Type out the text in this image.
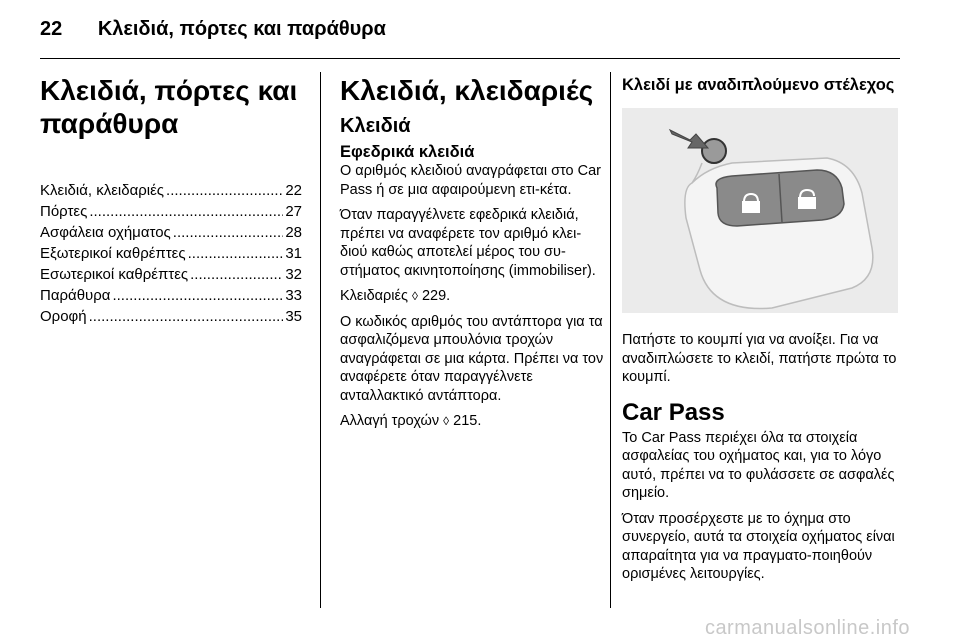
22 Κλειδιά, πόρτες και παράθυρα
Κλειδιά, πόρτες και παράθυρα
Κλειδιά, κλειδαριές .....	22
Πόρτες .....	27
Ασφάλεια οχήματος .....	28
Εξωτερικοί καθρέπτες .....	31
Εσωτερικοί καθρέπτες .....	32
Παράθυρα .....	33
Οροφή .....	35
Κλειδιά, κλειδαριές
Κλειδιά
Εφεδρικά κλειδιά

Ο αριθμός κλειδιού αναγράφεται στο Car Pass ή σε μια αφαιρούμενη ετι-κέτα.

Όταν παραγγέλνετε εφεδρικά κλειδιά, πρέπει να αναφέρετε τον αριθμό κλει-διού καθώς αποτελεί μέρος του συ-στήματος ακινητοποίησης (immobiliser).

Κλειδαριές ◊ 229.

Ο κωδικός αριθμός του αντάπτορα για τα ασφαλιζόμενα μπουλόνια τροχών αναγράφεται σε μια κάρτα. Πρέπει να τον αναφέρετε όταν παραγγέλνετε ανταλλακτικό αντάπτορα.

Αλλαγή τροχών ◊ 215.

Κλειδί με αναδιπλούμενο στέλεχος

Πατήστε το κουμπί για να ανοίξει. Για να αναδιπλώσετε το κλειδί, πατήστε πρώτα το κουμπί.

Car Pass

Το Car Pass περιέχει όλα τα στοιχεία ασφαλείας του οχήματος και, για το λόγο αυτό, πρέπει να το φυλάσσετε σε ασφαλές σημείο.

Όταν προσέρχεστε με το όχημα στο συνεργείο, αυτά τα στοιχεία οχήματος είναι απαραίτητα για να πραγματο-ποιηθούν ορισμένες λειτουργίες.

carmanualsonline.info
